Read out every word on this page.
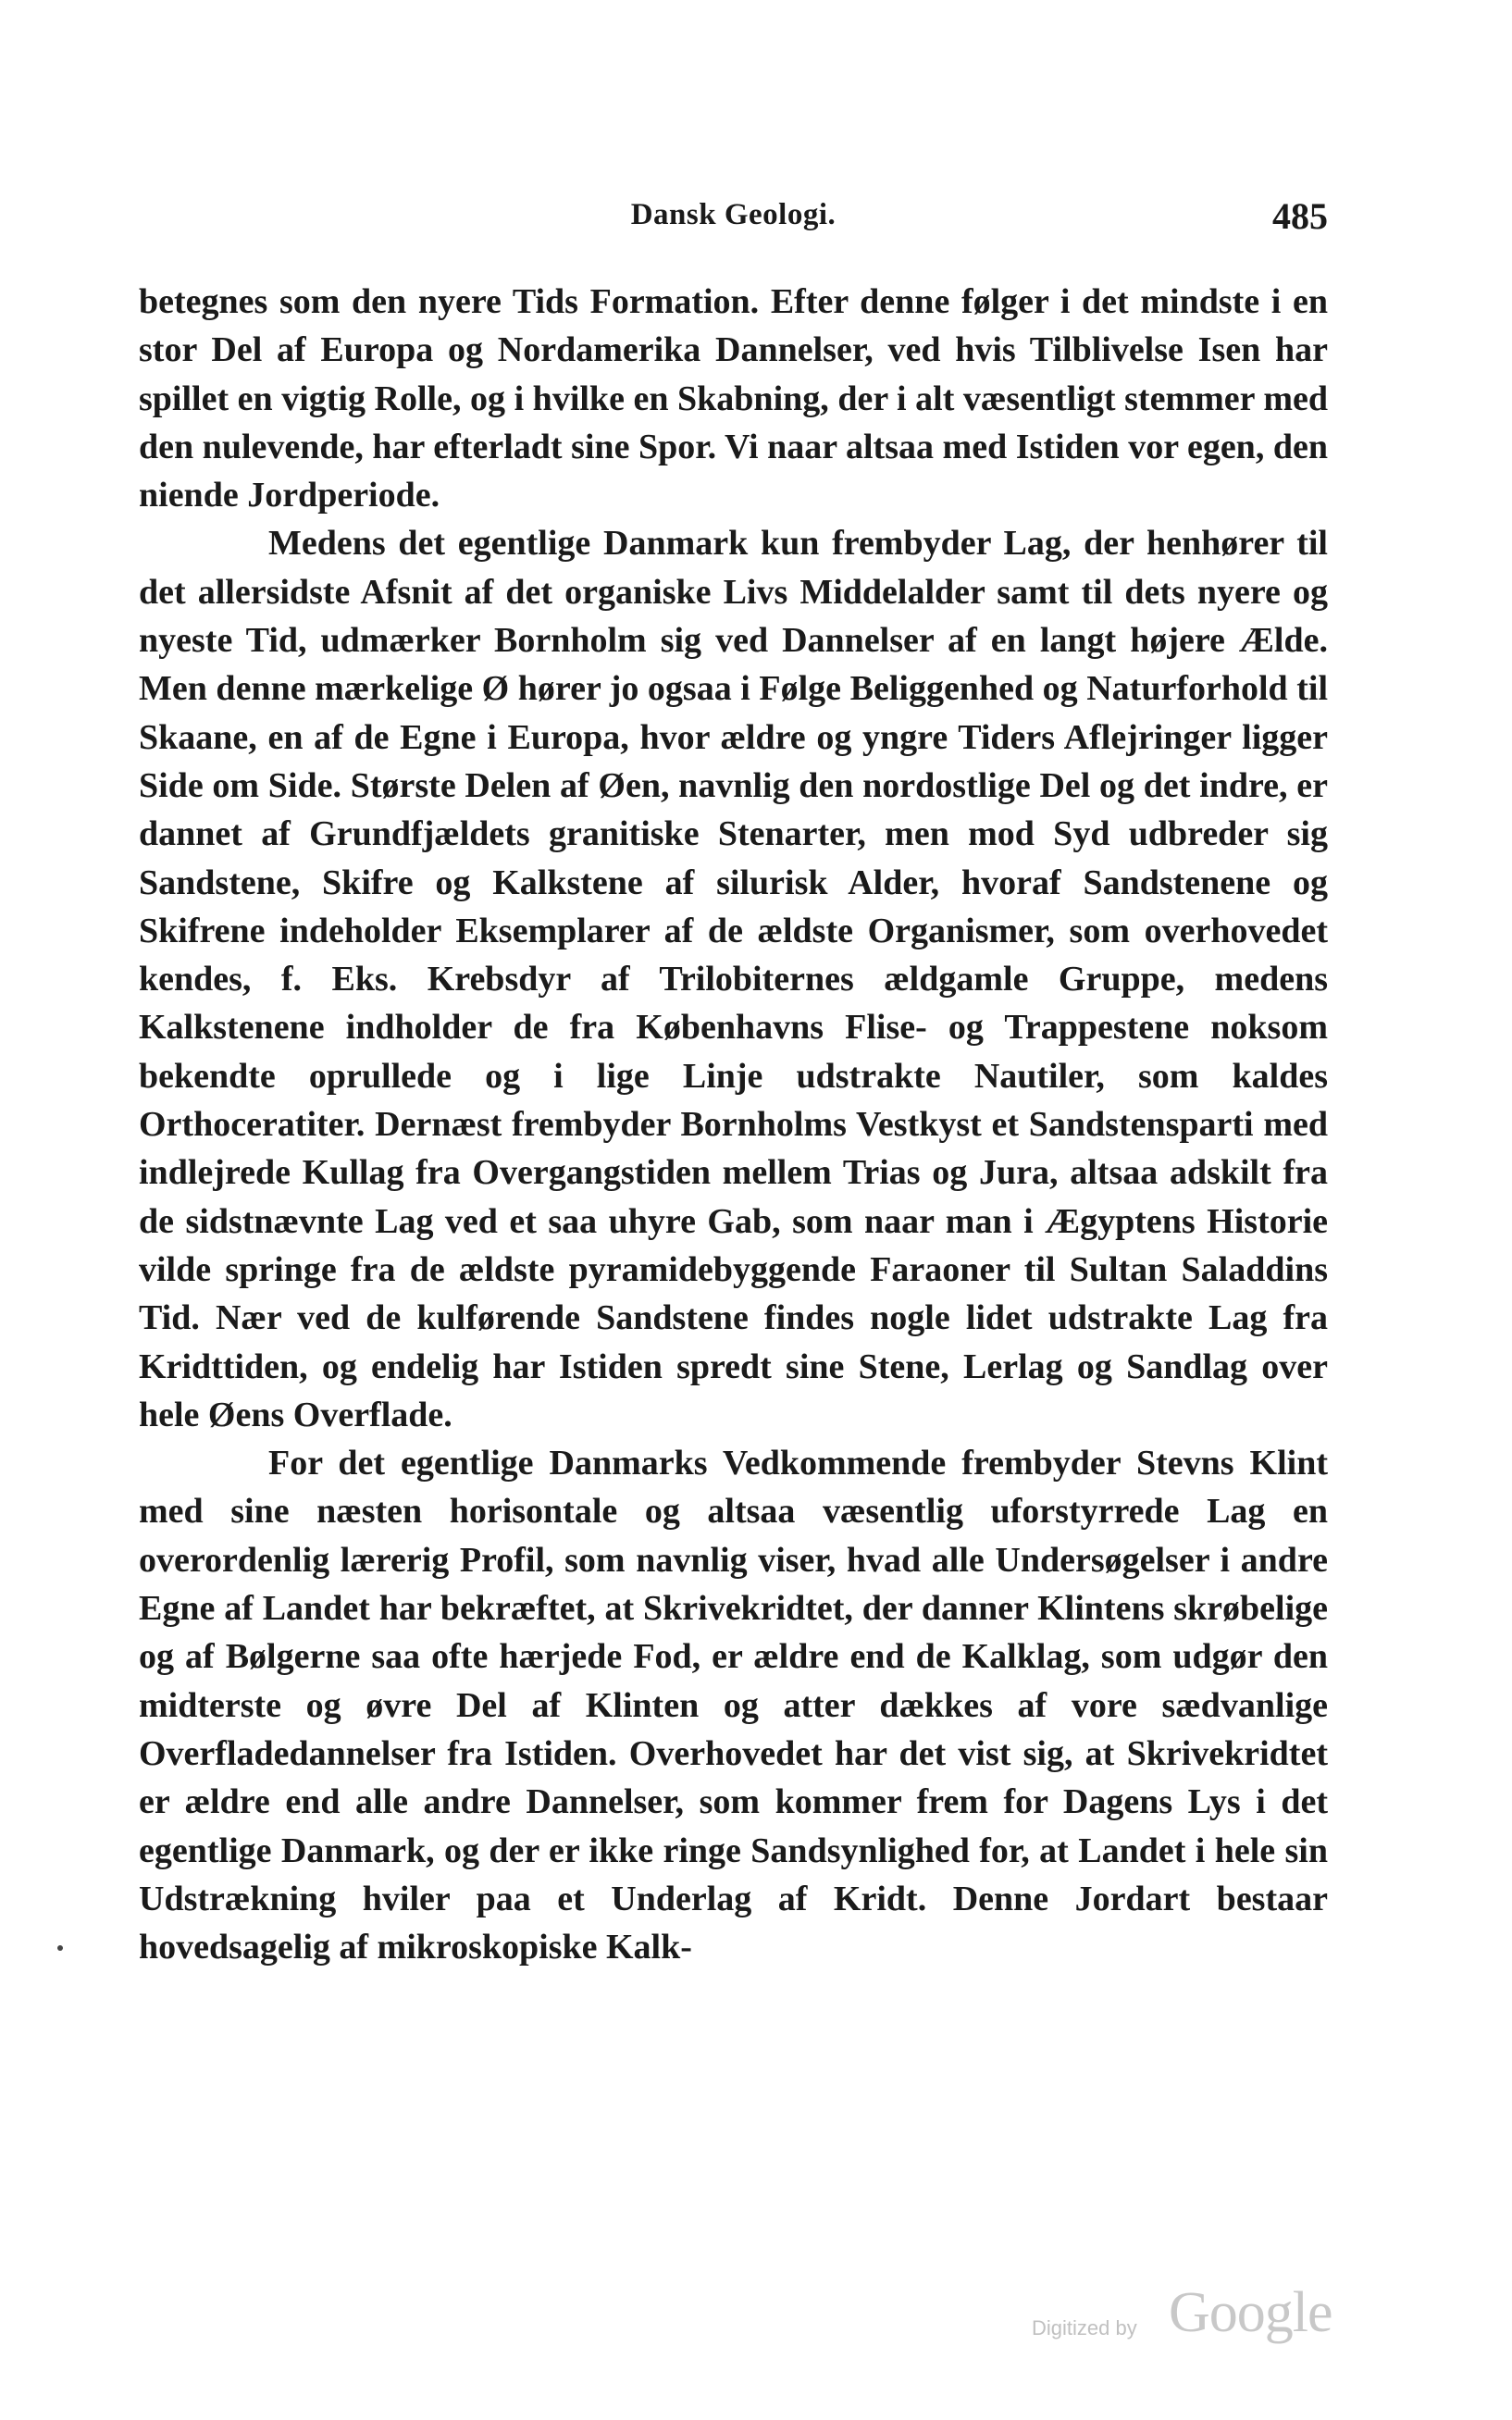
Dansk Geologi.	485

betegnes som den nyere Tids Formation. Efter denne følger i det mindste i en stor Del af Europa og Nordamerika Dannelser, ved hvis Tilblivelse Isen har spillet en vigtig Rolle, og i hvilke en Skabning, der i alt væsentligt stemmer med den nulevende, har efterladt sine Spor. Vi naar altsaa med Istiden vor egen, den niende Jordperiode.

Medens det egentlige Danmark kun frembyder Lag, der henhører til det allersidste Afsnit af det organiske Livs Middelalder samt til dets nyere og nyeste Tid, udmærker Bornholm sig ved Dannelser af en langt højere Ælde. Men denne mærkelige Ø hører jo ogsaa i Følge Beliggenhed og Naturforhold til Skaane, en af de Egne i Europa, hvor ældre og yngre Tiders Aflejringer ligger Side om Side. Største Delen af Øen, navnlig den nordostlige Del og det indre, er dannet af Grundfjældets granitiske Stenarter, men mod Syd udbreder sig Sandstene, Skifre og Kalkstene af silurisk Alder, hvoraf Sandstenene og Skifrene indeholder Eksemplarer af de ældste Organismer, som overhovedet kendes, f. Eks. Krebsdyr af Trilobiternes ældgamle Gruppe, medens Kalkstenene indholder de fra Københavns Flise- og Trappestene noksom bekendte oprullede og i lige Linje udstrakte Nautiler, som kaldes Orthoceratiter. Dernæst frembyder Bornholms Vestkyst et Sandstensparti med indlejrede Kullag fra Overgangstiden mellem Trias og Jura, altsaa adskilt fra de sidstnævnte Lag ved et saa uhyre Gab, som naar man i Ægyptens Historie vilde springe fra de ældste pyramidebyggende Faraoner til Sultan Saladdins Tid. Nær ved de kulførende Sandstene findes nogle lidet udstrakte Lag fra Kridttiden, og endelig har Istiden spredt sine Stene, Lerlag og Sandlag over hele Øens Overflade.

For det egentlige Danmarks Vedkommende frembyder Stevns Klint med sine næsten horisontale og altsaa væsentlig uforstyrrede Lag en overordenlig lærerig Profil, som navnlig viser, hvad alle Undersøgelser i andre Egne af Landet har bekræftet, at Skrivekridtet, der danner Klintens skrøbelige og af Bølgerne saa ofte hærjede Fod, er ældre end de Kalklag, som udgør den midterste og øvre Del af Klinten og atter dækkes af vore sædvanlige Overfladedannelser fra Istiden. Overhovedet har det vist sig, at Skrivekridtet er ældre end alle andre Dannelser, som kommer frem for Dagens Lys i det egentlige Danmark, og der er ikke ringe Sandsynlighed for, at Landet i hele sin Udstrækning hviler paa et Underlag af Kridt. Denne Jordart bestaar hovedsagelig af mikroskopiske Kalk-

Digitized by Google
